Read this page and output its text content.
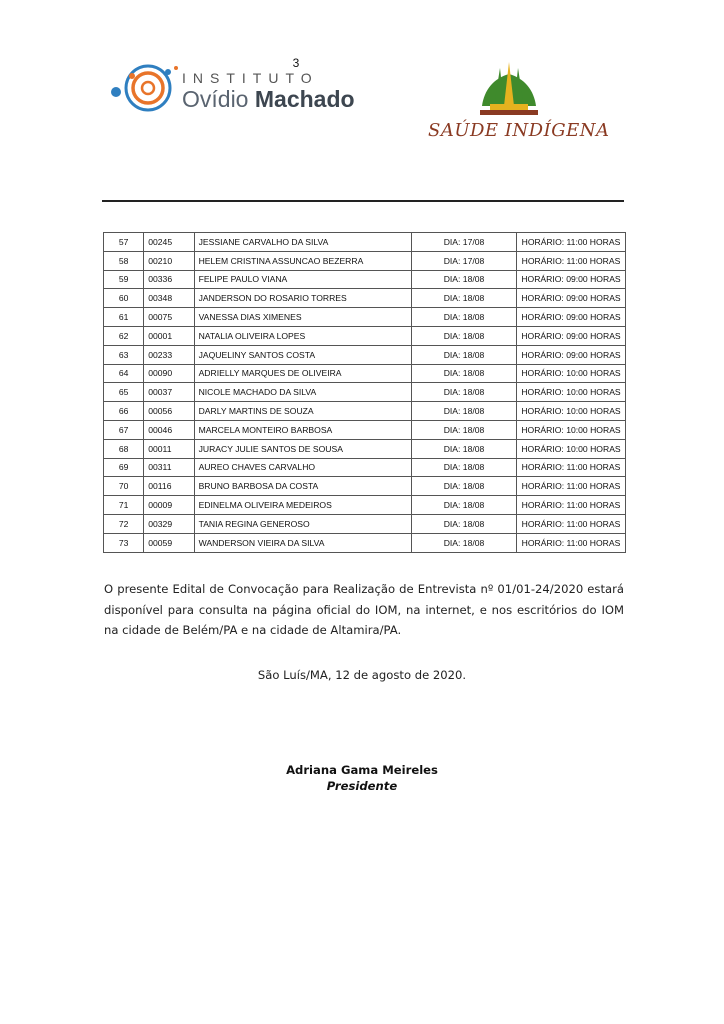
3
INSTITUTO
Ovídio Machado
SAÚDE INDÍGENA
57	00245	JESSIANE CARVALHO DA SILVA	DIA: 17/08	HORÁRIO: 11:00 HORAS
58	00210	HELEM CRISTINA ASSUNCAO BEZERRA	DIA: 17/08	HORÁRIO: 11:00 HORAS
59	00336	FELIPE PAULO VIANA	DIA: 18/08	HORÁRIO: 09:00 HORAS
60	00348	JANDERSON DO ROSARIO TORRES	DIA: 18/08	HORÁRIO: 09:00 HORAS
61	00075	VANESSA DIAS XIMENES	DIA: 18/08	HORÁRIO: 09:00 HORAS
62	00001	NATALIA OLIVEIRA LOPES	DIA: 18/08	HORÁRIO: 09:00 HORAS
63	00233	JAQUELINY SANTOS COSTA	DIA: 18/08	HORÁRIO: 09:00 HORAS
64	00090	ADRIELLY MARQUES DE OLIVEIRA	DIA: 18/08	HORÁRIO: 10:00 HORAS
65	00037	NICOLE MACHADO DA SILVA	DIA: 18/08	HORÁRIO: 10:00 HORAS
66	00056	DARLY MARTINS DE SOUZA	DIA: 18/08	HORÁRIO: 10:00 HORAS
67	00046	MARCELA MONTEIRO BARBOSA	DIA: 18/08	HORÁRIO: 10:00 HORAS
68	00011	JURACY JULIE SANTOS DE SOUSA	DIA: 18/08	HORÁRIO: 10:00 HORAS
69	00311	AUREO CHAVES CARVALHO	DIA: 18/08	HORÁRIO: 11:00 HORAS
70	00116	BRUNO BARBOSA DA COSTA	DIA: 18/08	HORÁRIO: 11:00 HORAS
71	00009	EDINELMA OLIVEIRA MEDEIROS	DIA: 18/08	HORÁRIO: 11:00 HORAS
72	00329	TANIA REGINA GENEROSO	DIA: 18/08	HORÁRIO: 11:00 HORAS
73	00059	WANDERSON VIEIRA DA SILVA	DIA: 18/08	HORÁRIO: 11:00 HORAS
O presente Edital de Convocação para Realização de Entrevista nº 01/01-24/2020 estará disponível para consulta na página oficial do IOM, na internet, e nos escritórios do IOM na cidade de Belém/PA e na cidade de Altamira/PA.
São Luís/MA, 12 de agosto de 2020.
Adriana Gama Meireles
Presidente
